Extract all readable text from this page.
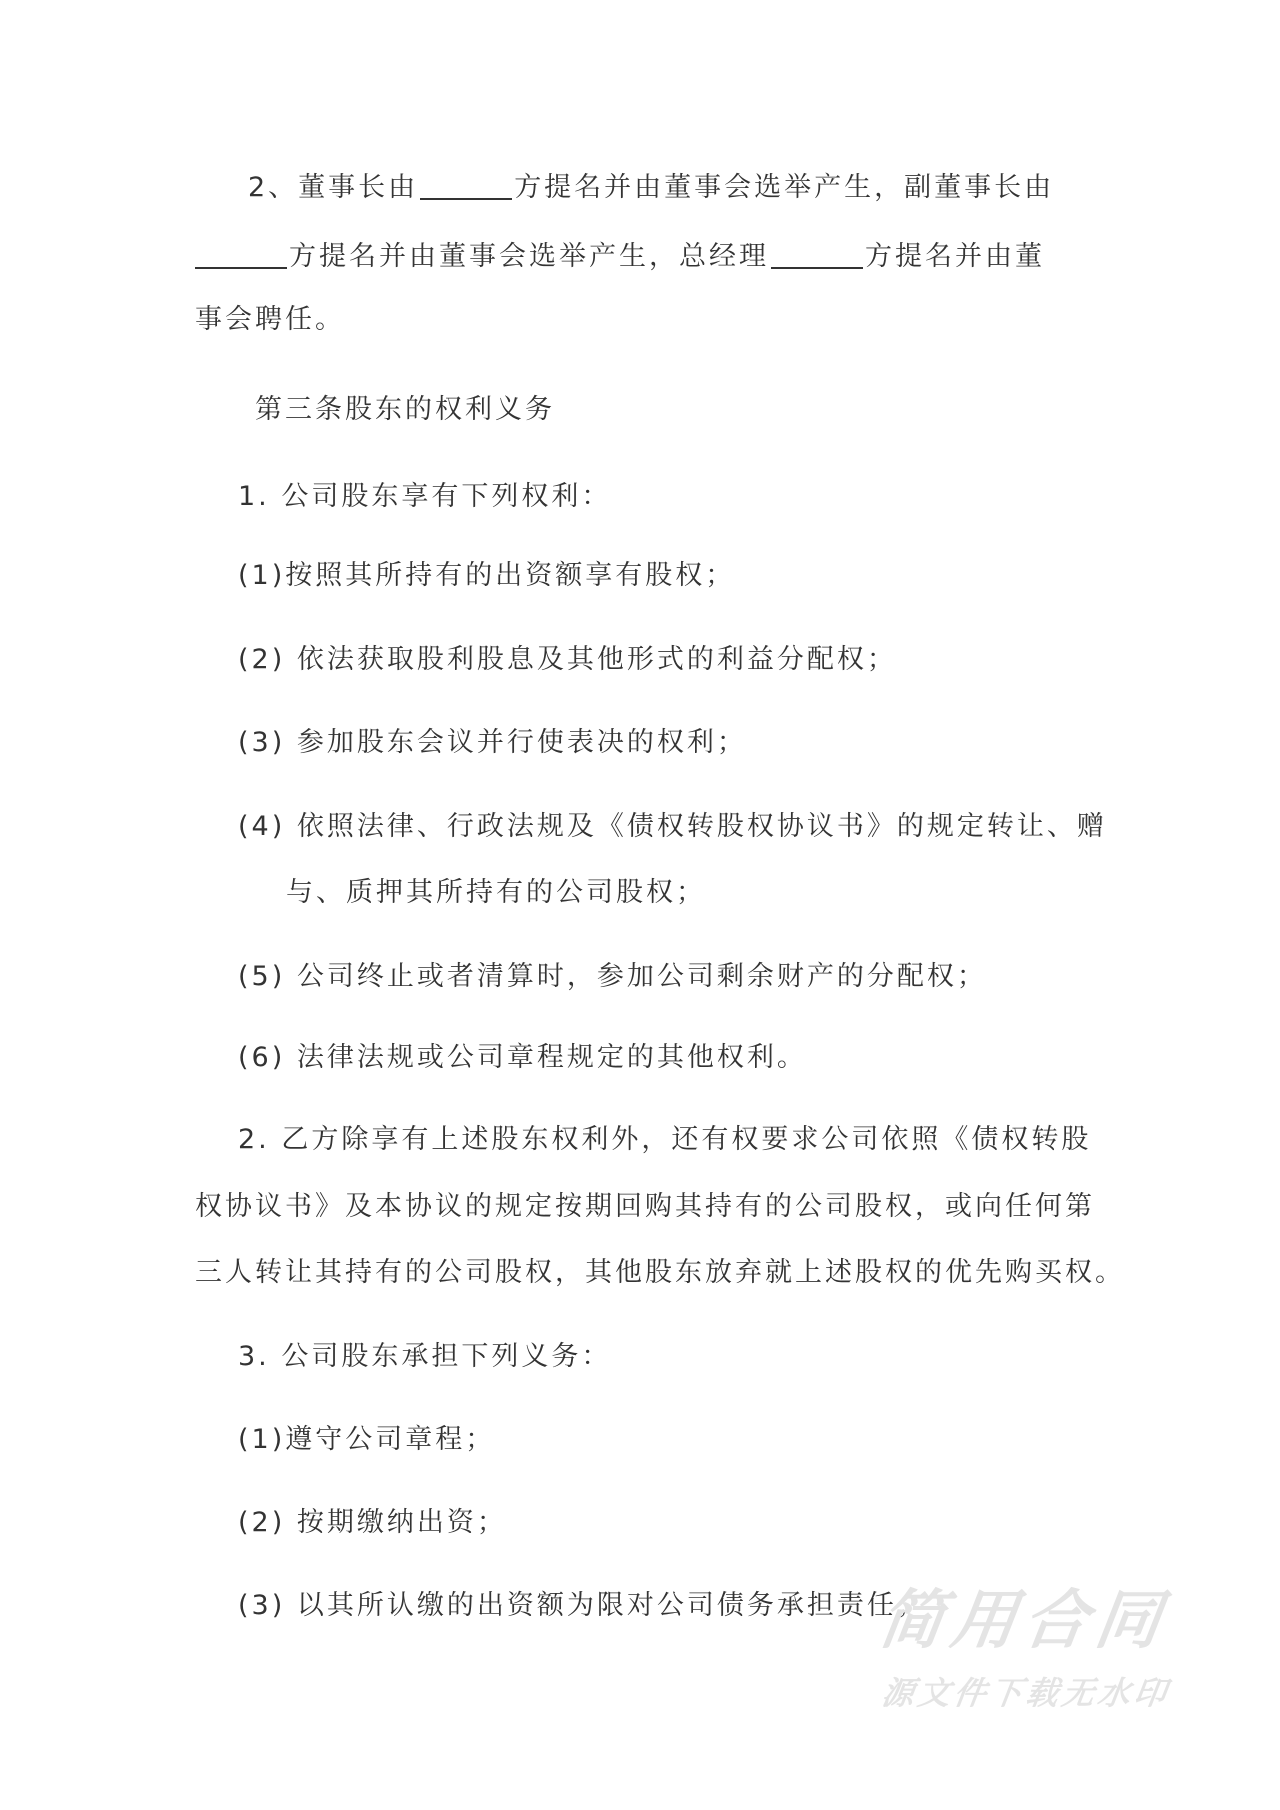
2、董事长由	方提名并由董事会选举产生，副董事长由
方提名并由董事会选举产生，总经理	方提名并由董
事会聘任。
第三条股东的权利义务
1. 公司股东享有下列权利：
(1)按照其所持有的出资额享有股权；
(2) 依法获取股利股息及其他形式的利益分配权；
(3) 参加股东会议并行使表决的权利；
(4) 依照法律、行政法规及《债权转股权协议书》的规定转让、赠
与、质押其所持有的公司股权；
(5) 公司终止或者清算时，参加公司剩余财产的分配权；
(6) 法律法规或公司章程规定的其他权利。
2. 乙方除享有上述股东权利外，还有权要求公司依照《债权转股
权协议书》及本协议的规定按期回购其持有的公司股权，或向任何第
三人转让其持有的公司股权，其他股东放弃就上述股权的优先购买权。
3. 公司股东承担下列义务：
(1)遵守公司章程；
(2) 按期缴纳出资；
(3) 以其所认缴的出资额为限对公司债务承担责任；
简用合同
源文件下载无水印
